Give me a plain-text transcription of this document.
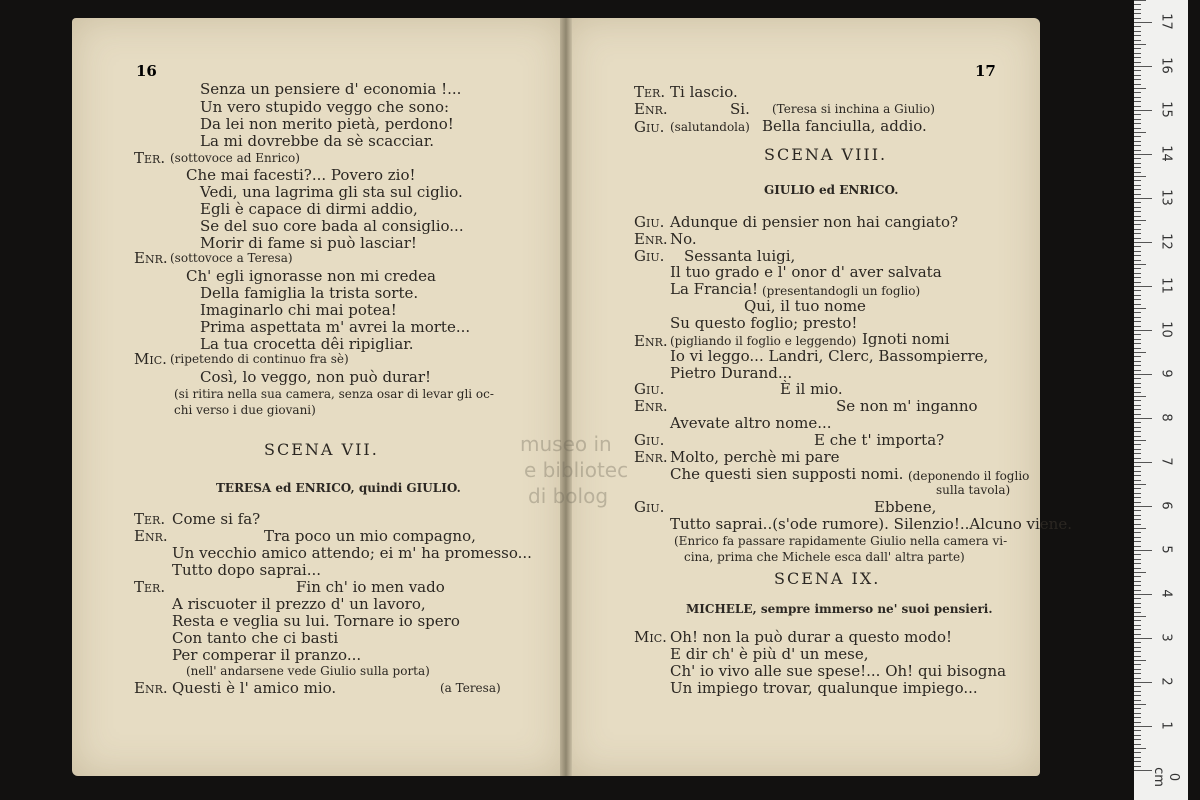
16	17
Senza un pensiere d' economia !...
Un vero stupido veggo che sono:
Da lei non merito pietà, perdono!
La mi dovrebbe da sè scacciar.
Ter. (sottovoce ad Enrico)
Che mai facesti?... Povero zio!
Vedi, una lagrima gli sta sul ciglio.
Egli è capace di dirmi addio,
Se del suo core bada al consiglio...
Morir di fame si può lasciar!
Enr. (sottovoce a Teresa)
Ch' egli ignorasse non mi credea
Della famiglia la trista sorte.
Imaginarlo chi mai potea!
Prima aspettata m' avrei la morte...
La tua crocetta dêi ripigliar.
Mic. (ripetendo di continuo fra sè)
Così, lo veggo, non può durar!
(si ritira nella sua camera, senza osar di levar gli oc-
chi verso i due giovani)
SCENA VII.
TERESA ed ENRICO, quindi GIULIO.
Ter. Come si fa?
Enr.	Tra poco un mio compagno,
Un vecchio amico attendo; ei m' ha promesso...
Tutto dopo saprai...
Ter.	Fin ch' io men vado
A riscuoter il prezzo d' un lavoro,
Resta e veglia su lui. Tornare io spero
Con tanto che ci basti
Per comperar il pranzo...
(nell' andarsene vede Giulio sulla porta)
Enr. Questi è l' amico mio.	(a Teresa)
Ter. Ti lascio.
Enr.	Si. (Teresa si inchina a Giulio)
Giu. (salutandola) Bella fanciulla, addio.
SCENA VIII.
GIULIO ed ENRICO.
Giu. Adunque di pensier non hai cangiato?
Enr. No.
Giu. Sessanta luigi,
Il tuo grado e l' onor d' aver salvata
La Francia! (presentandogli un foglio)
Qui, il tuo nome
Su questo foglio; presto!
Enr. (pigliando il foglio e leggendo) Ignoti nomi
Io vi leggo... Landri, Clerc, Bassompierre,
Pietro Durand...
Giu.	È il mio.
Enr.	Se non m' inganno
Avevate altro nome...
Giu.	E che t' importa?
Enr. Molto, perchè mi pare
Che questi sien supposti nomi. (deponendo il foglio
sulla tavola)
Giu.	Ebbene,
Tutto saprai..(s'ode rumore). Silenzio!..Alcuno viene.
(Enrico fa passare rapidamente Giulio nella camera vi-
cina, prima che Michele esca dall' altra parte)
SCENA IX.
MICHELE, sempre immerso ne' suoi pensieri.
Mic. Oh! non la può durar a questo modo!
E dir ch' è più d' un mese,
Ch' io vivo alle sue spese!... Oh! qui bisogna
Un impiego trovar, qualunque impiego...
museo in
e bibliotec
di bolog
0 cm
1
2
3
4
5
6
7
8
9
10
11
12
13
14
15
16
17
